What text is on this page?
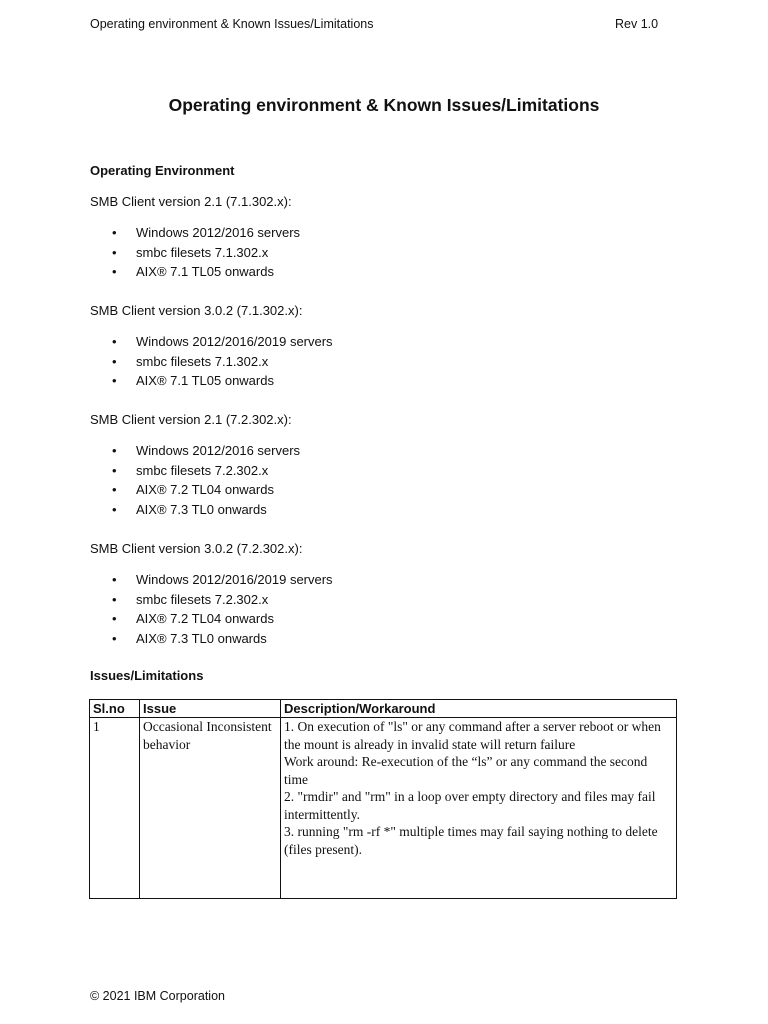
Operating environment & Known Issues/Limitations	Rev 1.0
Operating environment & Known Issues/Limitations
Operating Environment

SMB Client version 2.1 (7.1.302.x):

• Windows 2012/2016 servers
• smbc filesets 7.1.302.x
• AIX® 7.1 TL05 onwards

SMB Client version 3.0.2 (7.1.302.x):

• Windows 2012/2016/2019 servers
• smbc filesets 7.1.302.x
• AIX® 7.1 TL05 onwards

SMB Client version 2.1 (7.2.302.x):

• Windows 2012/2016 servers
• smbc filesets 7.2.302.x
• AIX® 7.2 TL04 onwards
• AIX® 7.3 TL0 onwards

SMB Client version 3.0.2 (7.2.302.x):

• Windows 2012/2016/2019 servers
• smbc filesets 7.2.302.x
• AIX® 7.2 TL04 onwards
• AIX® 7.3 TL0 onwards
Issues/Limitations
Sl.no	Issue	Description/Workaround
1	Occasional Inconsistent behavior	1. On execution of "ls" or any command after a server reboot or when the mount is already in invalid state will return failure
Work around: Re-execution of the “ls” or any command the second time
2. "rmdir" and "rm" in a loop over empty directory and files may fail intermittently.
3. running "rm -rf *" multiple times may fail saying nothing to delete (files present).
© 2021 IBM Corporation
